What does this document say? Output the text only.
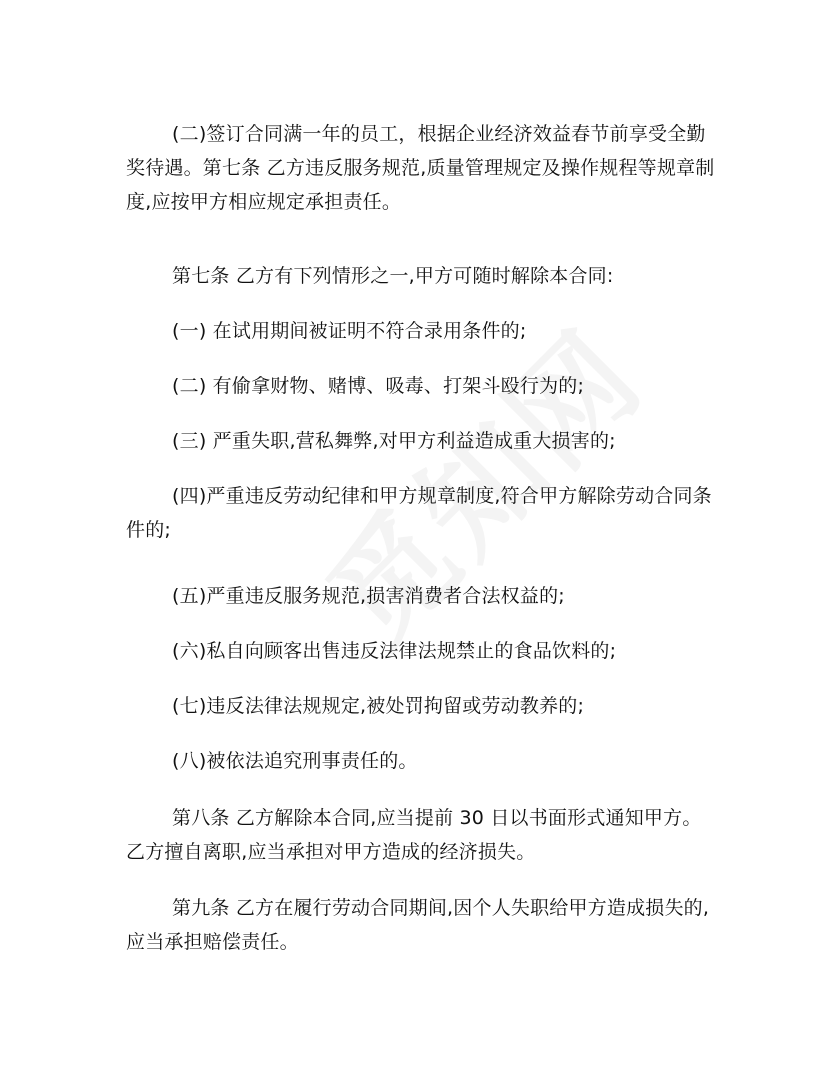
(二)签订合同满一年的员工，根据企业经济效益春节前享受全勤奖待遇。第七条 乙方违反服务规范,质量管理规定及操作规程等规章制度,应按甲方相应规定承担责任。

第七条 乙方有下列情形之一,甲方可随时解除本合同:

(一) 在试用期间被证明不符合录用条件的;

(二) 有偷拿财物、赌博、吸毒、打架斗殴行为的;

(三) 严重失职,营私舞弊,对甲方利益造成重大损害的;

(四)严重违反劳动纪律和甲方规章制度,符合甲方解除劳动合同条件的;

(五)严重违反服务规范,损害消费者合法权益的;

(六)私自向顾客出售违反法律法规禁止的食品饮料的;

(七)违反法律法规规定,被处罚拘留或劳动教养的;

(八)被依法追究刑事责任的。

第八条 乙方解除本合同,应当提前 30 日以书面形式通知甲方。乙方擅自离职,应当承担对甲方造成的经济损失。

第九条 乙方在履行劳动合同期间,因个人失职给甲方造成损失的,应当承担赔偿责任。
